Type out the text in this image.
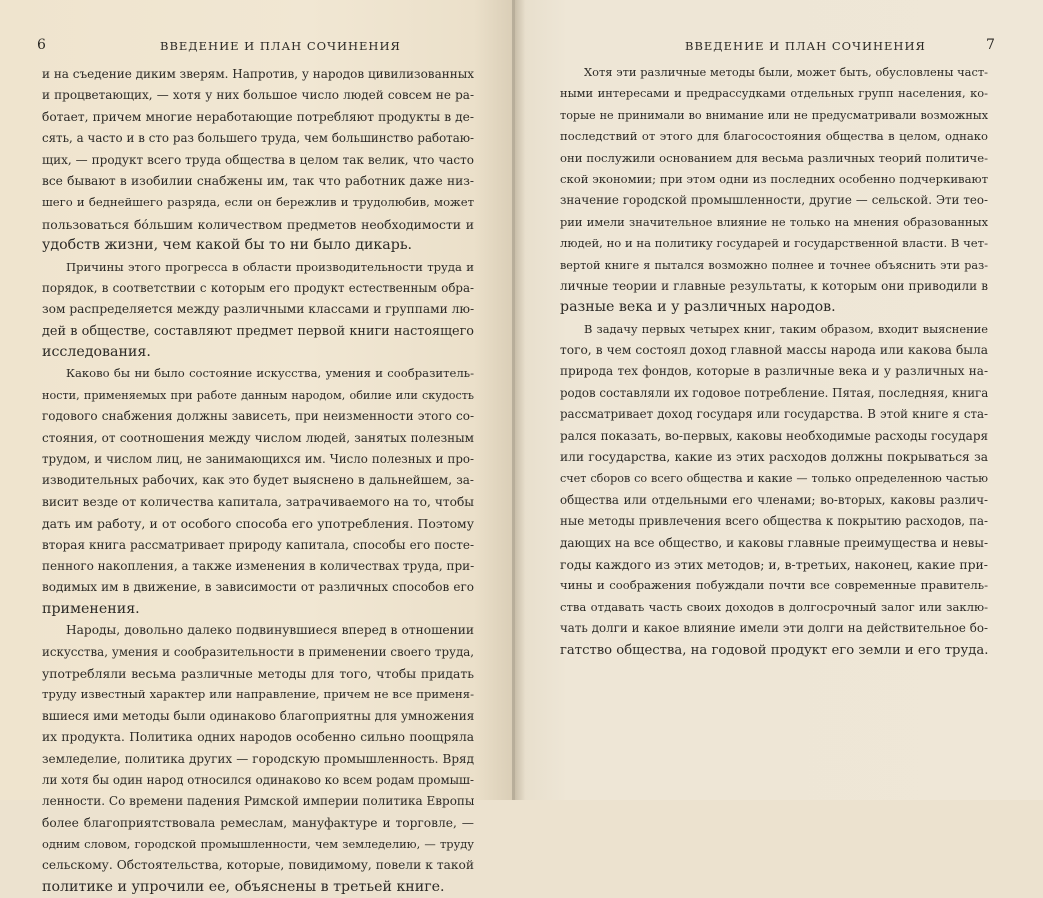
6	ВВЕДЕНИЕ И ПЛАН СОЧИНЕНИЯ
и на съедение диким зверям. Напротив, у народов цивилизованных
и процветающих, — хотя у них большое число людей совсем не ра-
ботает, причем многие неработающие потребляют продукты в де-
сять, а часто и в сто раз большего труда, чем большинство работаю-
щих, — продукт всего труда общества в целом так велик, что часто
все бывают в изобилии снабжены им, так что работник даже низ-
шего и беднейшего разряда, если он бережлив и трудолюбив, может
пользоваться бóльшим количеством предметов необходимости и
удобств жизни, чем какой бы то ни было дикарь.
Причины этого прогресса в области производительности труда и
порядок, в соответствии с которым его продукт естественным обра-
зом распределяется между различными классами и группами лю-
дей в обществе, составляют предмет первой книги настоящего
исследования.
Каково бы ни было состояние искусства, умения и сообразитель-
ности, применяемых при работе данным народом, обилие или скудость
годового снабжения должны зависеть, при неизменности этого со-
стояния, от соотношения между числом людей, занятых полезным
трудом, и числом лиц, не занимающихся им. Число полезных и про-
изводительных рабочих, как это будет выяснено в дальнейшем, за-
висит везде от количества капитала, затрачиваемого на то, чтобы
дать им работу, и от особого способа его употребления. Поэтому
вторая книга рассматривает природу капитала, способы его посте-
пенного накопления, а также изменения в количествах труда, при-
водимых им в движение, в зависимости от различных способов его
применения.
Народы, довольно далеко подвинувшиеся вперед в отношении
искусства, умения и сообразительности в применении своего труда,
употребляли весьма различные методы для того, чтобы придать
труду известный характер или направление, причем не все применя-
вшиеся ими методы были одинаково благоприятны для умножения
их продукта. Политика одних народов особенно сильно поощряла
земледелие, политика других — городскую промышленность. Вряд
ли хотя бы один народ относился одинаково ко всем родам промыш-
ленности. Со времени падения Римской империи политика Европы
более благоприятствовала ремеслам, мануфактуре и торговле, —
одним словом, городской промышленности, чем земледелию, — труду
сельскому. Обстоятельства, которые, повидимому, повели к такой
политике и упрочили ее, объяснены в третьей книге.
ВВЕДЕНИЕ И ПЛАН СОЧИНЕНИЯ	7
Хотя эти различные методы были, может быть, обусловлены част-
ными интересами и предрассудками отдельных групп населения, ко-
торые не принимали во внимание или не предусматривали возможных
последствий от этого для благосостояния общества в целом, однако
они послужили основанием для весьма различных теорий политиче-
ской экономии; при этом одни из последних особенно подчеркивают
значение городской промышленности, другие — сельской. Эти тео-
рии имели значительное влияние не только на мнения образованных
людей, но и на политику государей и государственной власти. В чет-
вертой книге я пытался возможно полнее и точнее объяснить эти раз-
личные теории и главные результаты, к которым они приводили в
разные века и у различных народов.
В задачу первых четырех книг, таким образом, входит выяснение
того, в чем состоял доход главной массы народа или какова была
природа тех фондов, которые в различные века и у различных на-
родов составляли их годовое потребление. Пятая, последняя, книга
рассматривает доход государя или государства. В этой книге я ста-
рался показать, во-первых, каковы необходимые расходы государя
или государства, какие из этих расходов должны покрываться за
счет сборов со всего общества и какие — только определенною частью
общества или отдельными его членами; во-вторых, каковы различ-
ные методы привлечения всего общества к покрытию расходов, па-
дающих на все общество, и каковы главные преимущества и невы-
годы каждого из этих методов; и, в-третьих, наконец, какие при-
чины и соображения побуждали почти все современные правитель-
ства отдавать часть своих доходов в долгосрочный залог или заклю-
чать долги и какое влияние имели эти долги на действительное бо-
гатство общества, на годовой продукт его земли и его труда.
